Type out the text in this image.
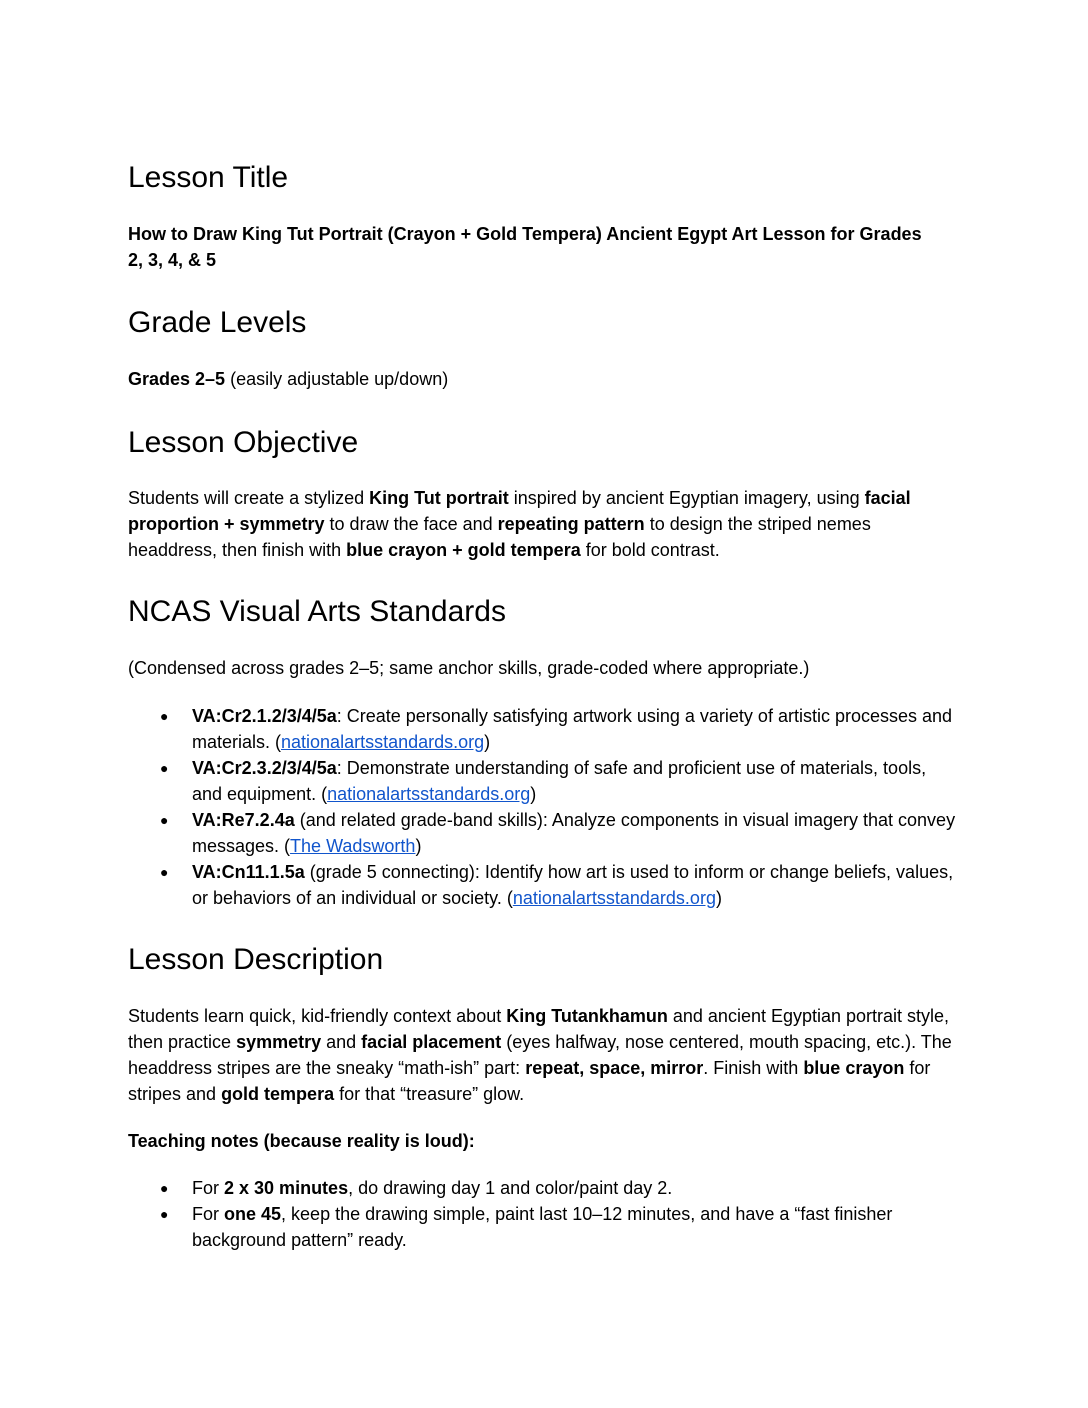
Lesson Title

How to Draw King Tut Portrait (Crayon + Gold Tempera) Ancient Egypt Art Lesson for Grades 2, 3, 4, & 5

Grade Levels

Grades 2–5 (easily adjustable up/down)

Lesson Objective

Students will create a stylized King Tut portrait inspired by ancient Egyptian imagery, using facial proportion + symmetry to draw the face and repeating pattern to design the striped nemes headdress, then finish with blue crayon + gold tempera for bold contrast.

NCAS Visual Arts Standards

(Condensed across grades 2–5; same anchor skills, grade-coded where appropriate.)

● VA:Cr2.1.2/3/4/5a: Create personally satisfying artwork using a variety of artistic processes and materials. (nationalartsstandards.org)
● VA:Cr2.3.2/3/4/5a: Demonstrate understanding of safe and proficient use of materials, tools, and equipment. (nationalartsstandards.org)
● VA:Re7.2.4a (and related grade-band skills): Analyze components in visual imagery that convey messages. (The Wadsworth)
● VA:Cn11.1.5a (grade 5 connecting): Identify how art is used to inform or change beliefs, values, or behaviors of an individual or society. (nationalartsstandards.org)
Lesson Description

Students learn quick, kid-friendly context about King Tutankhamun and ancient Egyptian portrait style, then practice symmetry and facial placement (eyes halfway, nose centered, mouth spacing, etc.). The headdress stripes are the sneaky “math-ish” part: repeat, space, mirror. Finish with blue crayon for stripes and gold tempera for that “treasure” glow.

Teaching notes (because reality is loud):

● For 2 x 30 minutes, do drawing day 1 and color/paint day 2.
● For one 45, keep the drawing simple, paint last 10–12 minutes, and have a “fast finisher background pattern” ready.
